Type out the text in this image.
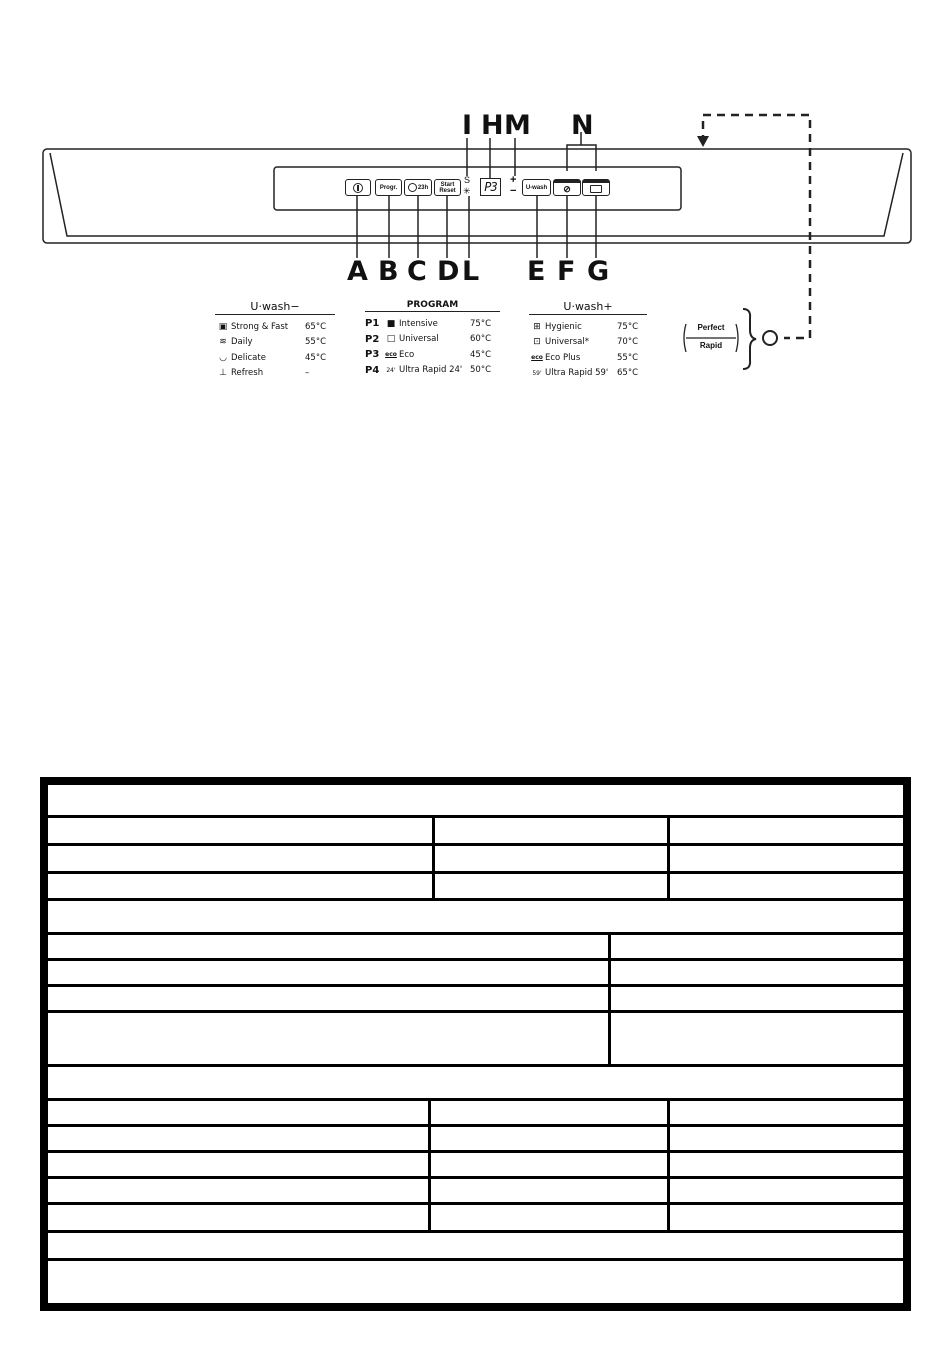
I H M N
A B C D L E F G
Progr.	23h Start
Reset
S
✳ P3 +
− U-wash ⊘
U·wash−
▣ Strong & Fast	65°C
≋ Daily	55°C
◡ Delicate	45°C
⊥ Refresh	–
PROGRAM
P1 ■ Intensive	75°C
P2 □ Universal	60°C
P3 eco Eco	45°C
P4	24' Ultra Rapid 24' 50°C
U·wash+
⊞ Hygienic	75°C
⊡ Universal*	70°C
eco Eco Plus	55°C
59' Ultra Rapid 59'	65°C
Perfect
Rapid
